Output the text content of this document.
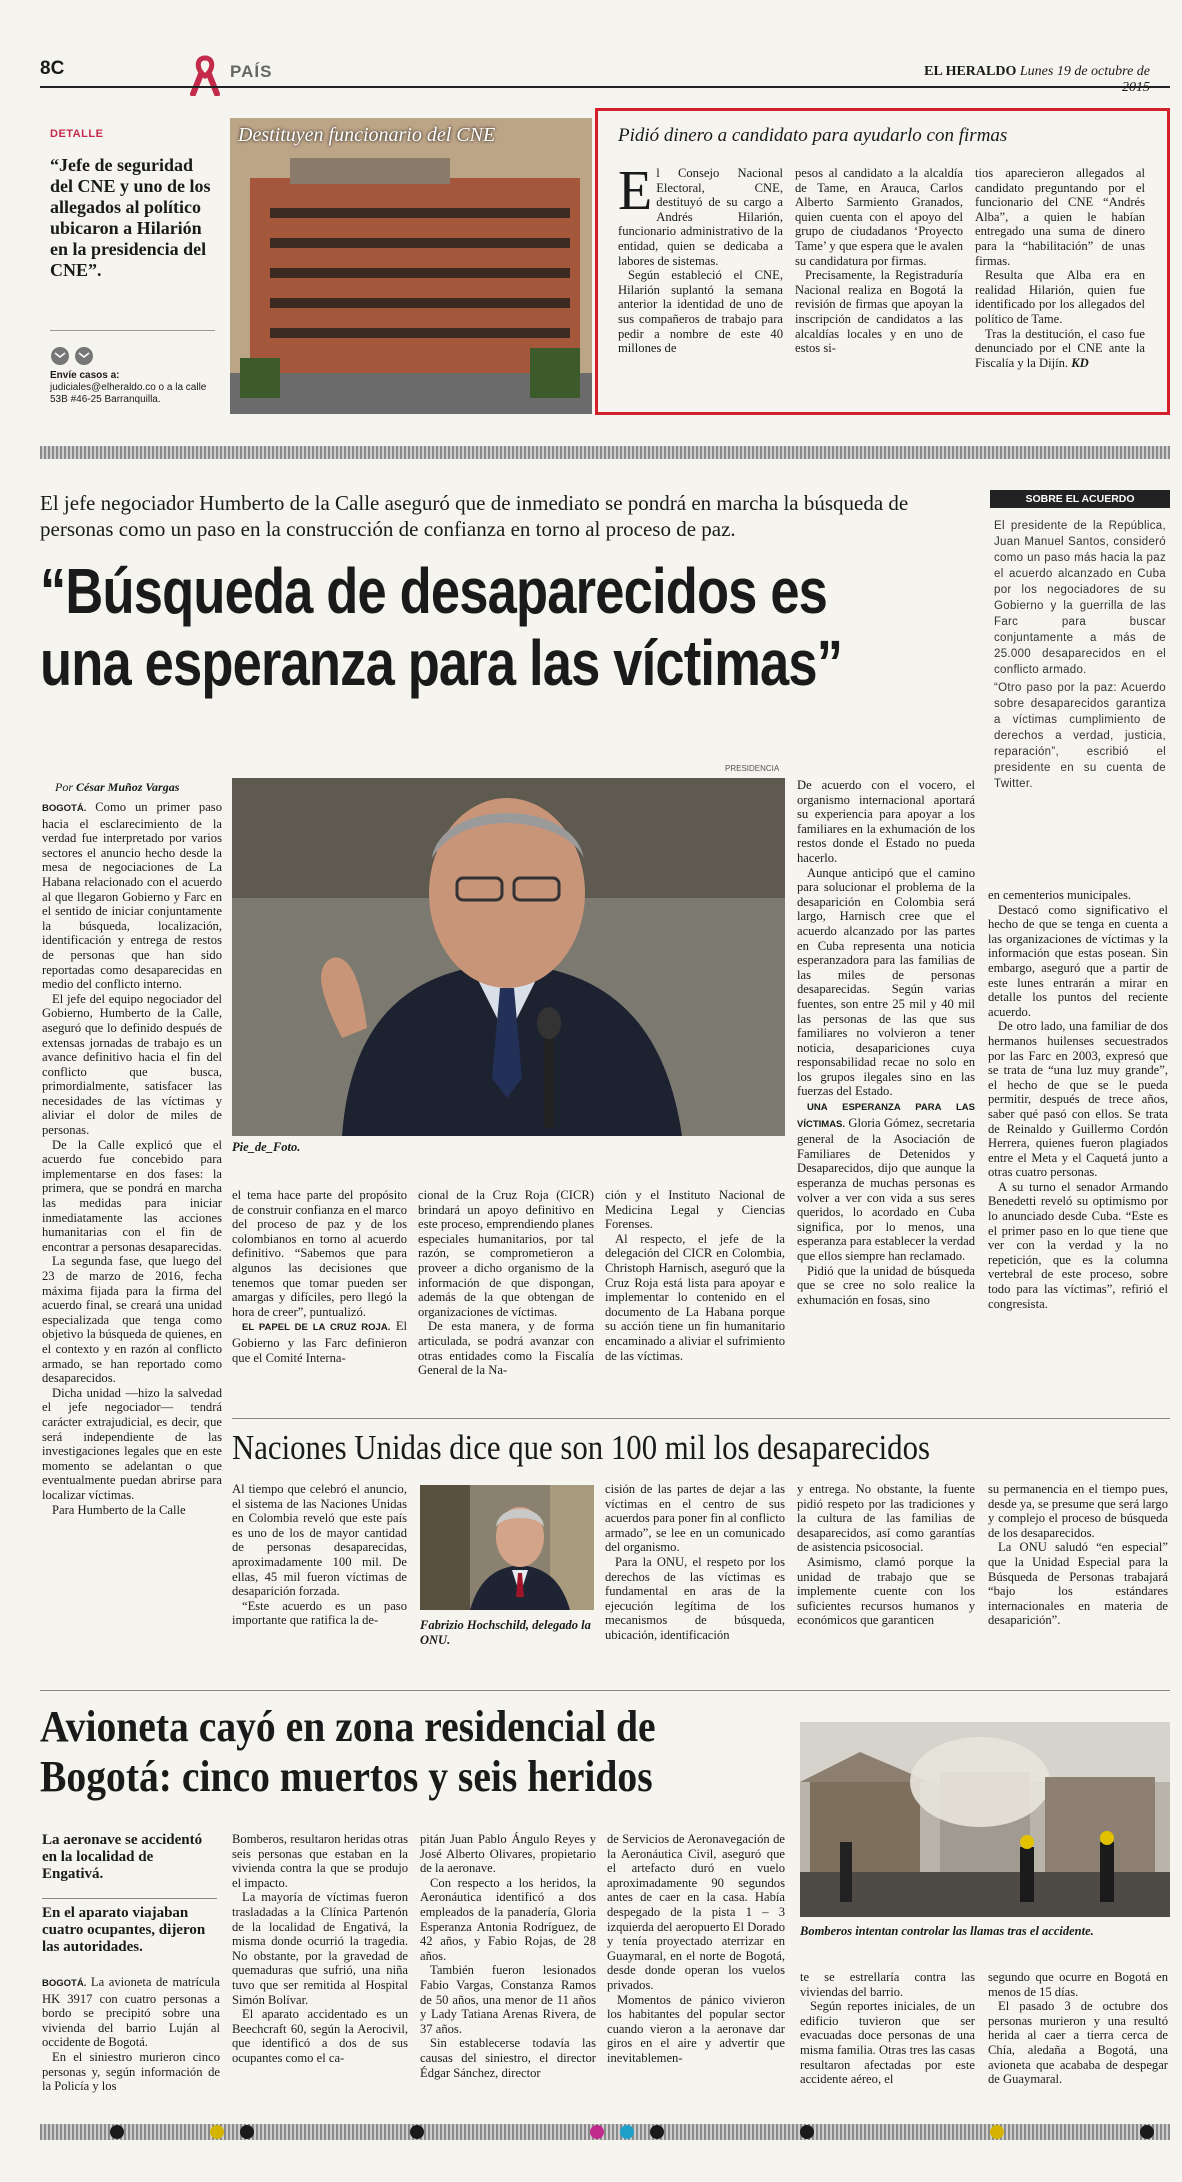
8C	PAÍS	EL HERALDO Lunes 19 de octubre de
DETALLE
“Jefe de seguridad del CNE y uno de los allegados al político ubicaron a Hilarión en la presidencia del CNE”.
Envíe casos a:
judiciales@elheraldo.co o a la calle 53B #46-25 Barranquilla.
Destituyen funcionario del CNE	Pidió dinero a candidato para ayudarlo con firmas
El Consejo Nacional Electoral, CNE, destituyó de su cargo a Andrés Hilarión, funcionario administrativo de la entidad, quien se dedicaba a labores de sistemas.

Según estableció el CNE, Hilarión suplantó la semana anterior la identidad de uno de sus compañeros de trabajo para pedir a nombre de este 40 millones de

pesos al candidato a la alcaldía de Tame, en Arauca, Carlos Alberto Sarmiento Granados, quien cuenta con el apoyo del grupo de ciudadanos ‘Proyecto Tame’ y que espera que le avalen su candidatura por firmas.

Precisamente, la Registraduría Nacional realiza en Bogotá la revisión de firmas que apoyan la inscripción de candidatos a las alcaldías locales y en uno de estos si-

tios aparecieron allegados al candidato preguntando por el funcionario del CNE “Andrés Alba”, a quien le habían entregado una suma de dinero para la “habilitación” de unas firmas.

Resulta que Alba era en realidad Hilarión, quien fue identificado por los allegados del político de Tame.

Tras la destitución, el caso fue denunciado por el CNE ante la Fiscalía y la Dijín. KD

El jefe negociador Humberto de la Calle aseguró que de inmediato se pondrá en marcha la búsqueda de personas como un paso en la construcción de confianza en torno al proceso de paz.
“Búsqueda de desaparecidos es
una esperanza para las víctimas”
SOBRE EL ACUERDO
El presidente de la República, Juan Manuel Santos, consideró como un paso más hacia la paz el acuerdo alcanzado en Cuba por los negociadores de su Gobierno y la guerrilla de las Farc para buscar conjuntamente a más de 25.000 desaparecidos en el conflicto armado.

“Otro paso por la paz: Acuerdo sobre desaparecidos garantiza a víctimas cumplimiento de derechos a verdad, justicia, reparación”, escribió el presidente en su cuenta de Twitter.

Por César Muñoz Vargas
PRESIDENCIA
Pie_de_Foto.
BOGOTÁ. Como un primer paso hacia el esclarecimiento de la verdad fue interpretado por varios sectores el anuncio hecho desde la mesa de negociaciones de La Habana relacionado con el acuerdo al que llegaron Gobierno y Farc en el sentido de iniciar conjuntamente la búsqueda, localización, identificación y entrega de restos de personas que han sido reportadas como desaparecidas en medio del conflicto interno.

El jefe del equipo negociador del Gobierno, Humberto de la Calle, aseguró que lo definido después de extensas jornadas de trabajo es un avance definitivo hacia el fin del conflicto que busca, primordialmente, satisfacer las necesidades de las víctimas y aliviar el dolor de miles de personas.

De la Calle explicó que el acuerdo fue concebido para implementarse en dos fases: la primera, que se pondrá en marcha las medidas para iniciar inmediatamente las acciones humanitarias con el fin de encontrar a personas desaparecidas.

La segunda fase, que luego del 23 de marzo de 2016, fecha máxima fijada para la firma del acuerdo final, se creará una unidad especializada que tenga como objetivo la búsqueda de quienes, en el contexto y en razón al conflicto armado, se han reportado como desaparecidos.

Dicha unidad —hizo la salvedad el jefe negociador— tendrá carácter extrajudicial, es decir, que será independiente de las investigaciones legales que en este momento se adelantan o que eventualmente puedan abrirse para localizar víctimas.

Para Humberto de la Calle

el tema hace parte del propósito de construir confianza en el marco del proceso de paz y de los colombianos en torno al acuerdo definitivo. “Sabemos que para algunos las decisiones que tenemos que tomar pueden ser amargas y difíciles, pero llegó la hora de creer”, puntualizó.

EL PAPEL DE LA CRUZ ROJA. El Gobierno y las Farc definieron que el Comité Interna-

cional de la Cruz Roja (CICR) brindará un apoyo definitivo en este proceso, emprendiendo planes especiales humanitarios, por tal razón, se comprometieron a proveer a dicho organismo de la información de que dispongan, además de la que obtengan de organizaciones de víctimas.

De esta manera, y de forma articulada, se podrá avanzar con otras entidades como la Fiscalía General de la Na-

ción y el Instituto Nacional de Medicina Legal y Ciencias Forenses.

Al respecto, el jefe de la delegación del CICR en Colombia, Christoph Harnisch, aseguró que la Cruz Roja está lista para apoyar e implementar lo contenido en el documento de La Habana porque su acción tiene un fin humanitario encaminado a aliviar el sufrimiento de las víctimas.

De acuerdo con el vocero, el organismo internacional aportará su experiencia para apoyar a los familiares en la exhumación de los restos donde el Estado no pueda hacerlo.

Aunque anticipó que el camino para solucionar el problema de la desaparición en Colombia será largo, Harnisch cree que el acuerdo alcanzado por las partes en Cuba representa una noticia esperanzadora para las familias de las miles de personas desaparecidas. Según varias fuentes, son entre 25 mil y 40 mil las personas de las que sus familiares no volvieron a tener noticia, desapariciones cuya responsabilidad recae no solo en los grupos ilegales sino en las fuerzas del Estado.

UNA ESPERANZA PARA LAS VÍCTIMAS. Gloria Gómez, secretaria general de la Asociación de Familiares de Detenidos y Desaparecidos, dijo que aunque la esperanza de muchas personas es volver a ver con vida a sus seres queridos, lo acordado en Cuba significa, por lo menos, una esperanza para establecer la verdad que ellos siempre han reclamado.

Pidió que la unidad de búsqueda que se cree no solo realice la exhumación en fosas, sino

en cementerios municipales.

Destacó como significativo el hecho de que se tenga en cuenta a las organizaciones de víctimas y la información que estas posean. Sin embargo, aseguró que a partir de este lunes entrarán a mirar en detalle los puntos del reciente acuerdo.

De otro lado, una familiar de dos hermanos huilenses secuestrados por las Farc en 2003, expresó que se trata de “una luz muy grande”, el hecho de que se le pueda permitir, después de trece años, saber qué pasó con ellos. Se trata de Reinaldo y Guillermo Cordón Herrera, quienes fueron plagiados entre el Meta y el Caquetá junto a otras cuatro personas.

A su turno el senador Armando Benedetti reveló su optimismo por lo anunciado desde Cuba. “Este es el primer paso en lo que tiene que ver con la verdad y la no repetición, que es la columna vertebral de este proceso, sobre todo para las víctimas”, refirió el congresista.

Naciones Unidas dice que son 100 mil los desaparecidos
Al tiempo que celebró el anuncio, el sistema de las Naciones Unidas en Colombia reveló que este país es uno de los de mayor cantidad de personas desaparecidas, aproximadamente 100 mil. De ellas, 45 mil fueron víctimas de desaparición forzada.

“Este acuerdo es un paso importante que ratifica la de-	Fabrizio Hochschild, delegado la ONU.
cisión de las partes de dejar a las víctimas en el centro de sus acuerdos para poner fin al conflicto armado”, se lee en un comunicado del organismo.

Para la ONU, el respeto por los derechos de las víctimas es fundamental en aras de la ejecución legítima de los mecanismos de búsqueda, ubicación, identificación

y entrega. No obstante, la fuente pidió respeto por las tradiciones y la cultura de las familias de desaparecidos, así como garantías de asistencia psicosocial.

Asimismo, clamó porque la unidad de trabajo que se implemente cuente con los suficientes recursos humanos y económicos que garanticen

su permanencia en el tiempo pues, desde ya, se presume que será largo y complejo el proceso de búsqueda de los desaparecidos.

La ONU saludó “en especial” que la Unidad Especial para la Búsqueda de Personas trabajará “bajo los estándares internacionales en materia de desaparición”.

Avioneta cayó en zona residencial de
Bogotá: cinco muertos y seis heridos
La aeronave se accidentó en la localidad de Engativá.
En el aparato viajaban cuatro ocupantes, dijeron las autoridades.
BOGOTÁ. La avioneta de matrícula HK 3917 con cuatro personas a bordo se precipitó sobre una vivienda del barrio Luján al occidente de Bogotá.

En el siniestro murieron cinco personas y, según información de la Policía y los

Bomberos, resultaron heridas otras seis personas que estaban en la vivienda contra la que se produjo el impacto.

La mayoría de víctimas fueron trasladadas a la Clínica Partenón de la localidad de Engativá, la misma donde ocurrió la tragedia. No obstante, por la gravedad de quemaduras que sufrió, una niña tuvo que ser remitida al Hospital Simón Bolívar.

El aparato accidentado es un Beechcraft 60, según la Aerocivil, que identificó a dos de sus ocupantes como el ca-

pitán Juan Pablo Ángulo Reyes y José Alberto Olivares, propietario de la aeronave.

Con respecto a los heridos, la Aeronáutica identificó a dos empleados de la panadería, Gloria Esperanza Antonia Rodríguez, de 42 años, y Fabio Rojas, de 28 años.

También fueron lesionados Fabio Vargas, Constanza Ramos de 50 años, una menor de 11 años y Lady Tatiana Arenas Rivera, de 37 años.

Sin establecerse todavía las causas del siniestro, el director Édgar Sánchez, director

de Servicios de Aeronavegación de la Aeronáutica Civil, aseguró que el artefacto duró en vuelo aproximadamente 90 segundos antes de caer en la casa. Había despegado de la pista 1 – 3 izquierda del aeropuerto El Dorado y tenía proyectado aterrizar en Guaymaral, en el norte de Bogotá, desde donde operan los vuelos privados.

Momentos de pánico vivieron los habitantes del popular sector cuando vieron a la aeronave dar giros en el aire y advertir que inevitablemen-

Bomberos intentan controlar las llamas tras el accidente.
te se estrellaría contra las viviendas del barrio.

Según reportes iniciales, de un edificio tuvieron que ser evacuadas doce personas de una misma familia. Otras tres las casas resultaron afectadas por este accidente aéreo, el

segundo que ocurre en Bogotá en menos de 15 días.

El pasado 3 de octubre dos personas murieron y una resultó herida al caer a tierra cerca de Chía, aledaña a Bogotá, una avioneta que acababa de despegar de Guaymaral.
